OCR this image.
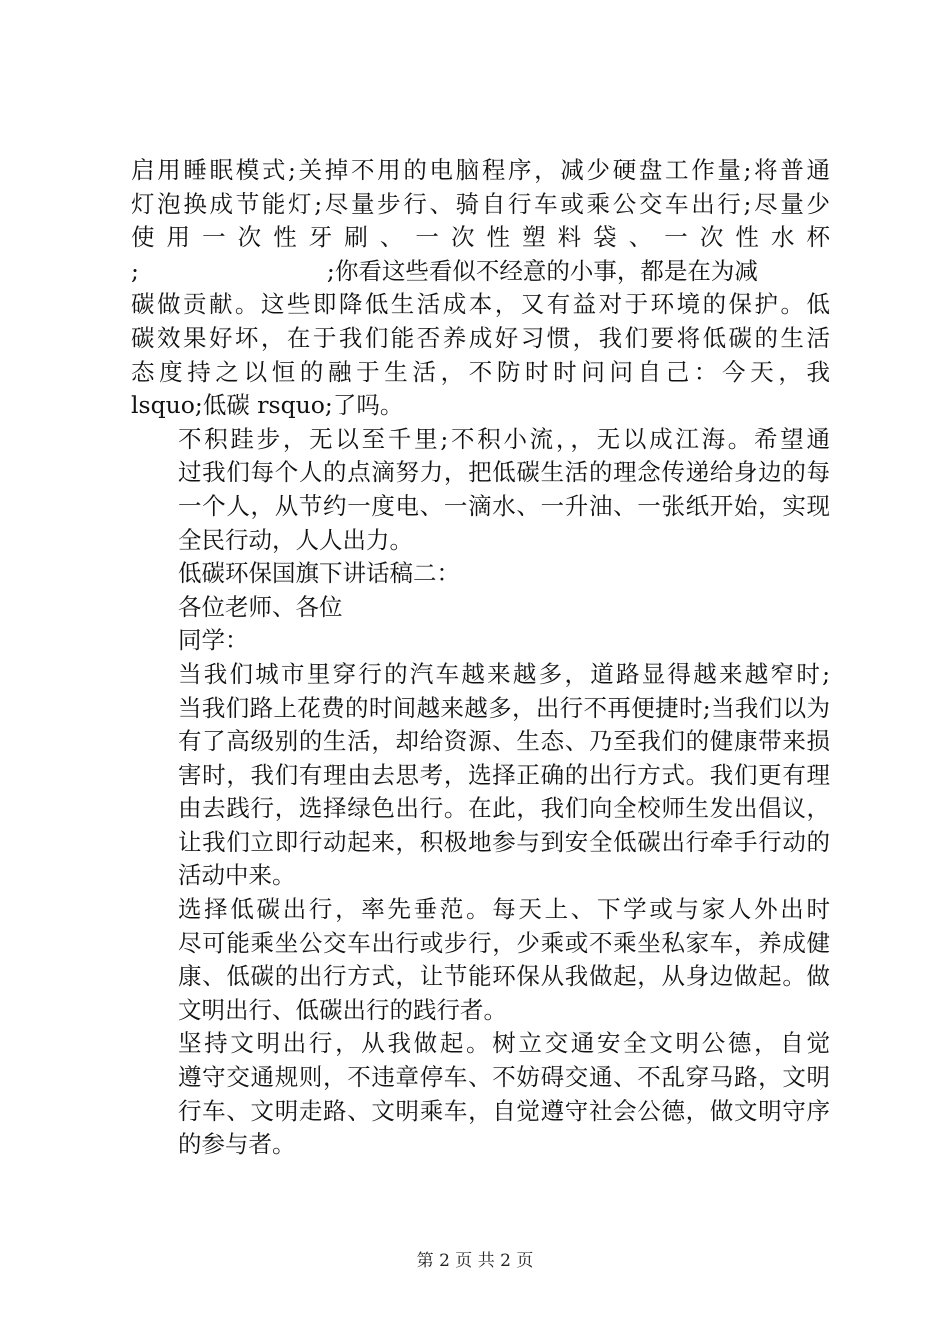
启用睡眠模式;关掉不用的电脑程序，减少硬盘工作量;将普通
灯泡换成节能灯;尽量步行、骑自行车或乘公交车出行;尽量少
使用一次性牙刷、一次性塑料袋、一次性水杯
;　　　　　　　　;你看这些看似不经意的小事，都是在为减
碳做贡献。这些即降低生活成本，又有益对于环境的保护。低
碳效果好坏，在于我们能否养成好习惯，我们要将低碳的生活
态度持之以恒的融于生活，不防时时问问自己：今天，我
lsquo;低碳 rsquo;了吗。

不积跬步，无以至千里;不积小流，，无以成江海。希望通
过我们每个人的点滴努力，把低碳生活的理念传递给身边的每
一个人，从节约一度电、一滴水、一升油、一张纸开始，实现
全民行动，人人出力。

低碳环保国旗下讲话稿二：

各位老师、各位

同学：

当我们城市里穿行的汽车越来越多，道路显得越来越窄时;
当我们路上花费的时间越来越多，出行不再便捷时;当我们以为
有了高级别的生活，却给资源、生态、乃至我们的健康带来损
害时，我们有理由去思考，选择正确的出行方式。我们更有理
由去践行，选择绿色出行。在此，我们向全校师生发出倡议，
让我们立即行动起来，积极地参与到安全低碳出行牵手行动的
活动中来。

选择低碳出行，率先垂范。每天上、下学或与家人外出时
尽可能乘坐公交车出行或步行，少乘或不乘坐私家车，养成健
康、低碳的出行方式，让节能环保从我做起，从身边做起。做
文明出行、低碳出行的践行者。

坚持文明出行，从我做起。树立交通安全文明公德，自觉
遵守交通规则，不违章停车、不妨碍交通、不乱穿马路，文明
行车、文明走路、文明乘车，自觉遵守社会公德，做文明守序
的参与者。

第 2 页 共 2 页
